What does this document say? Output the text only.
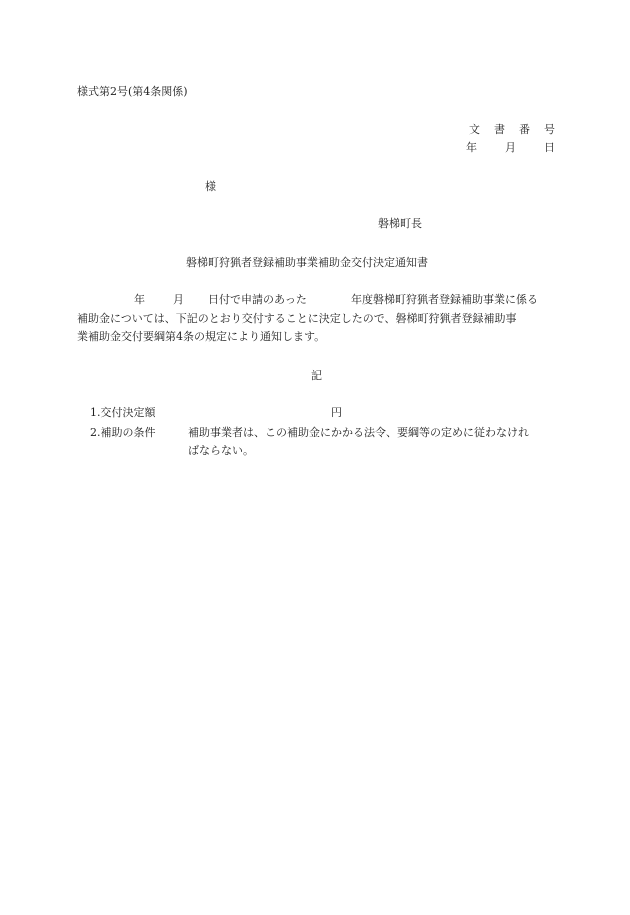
様式第2号(第4条関係)
文 書 番 号
年	月	日
様
磐梯町長
磐梯町狩猟者登録補助事業補助金交付決定通知書
年	月 日付で申請のあった	年度磐梯町狩猟者登録補助事業に係る
補助金については、下記のとおり交付することに決定したので、磐梯町狩猟者登録補助事
業補助金交付要綱第4条の規定により通知します。
記
1.交付決定額	円
2.補助の条件	補助事業者は、この補助金にかかる法令、要綱等の定めに従わなけれ
ばならない。
